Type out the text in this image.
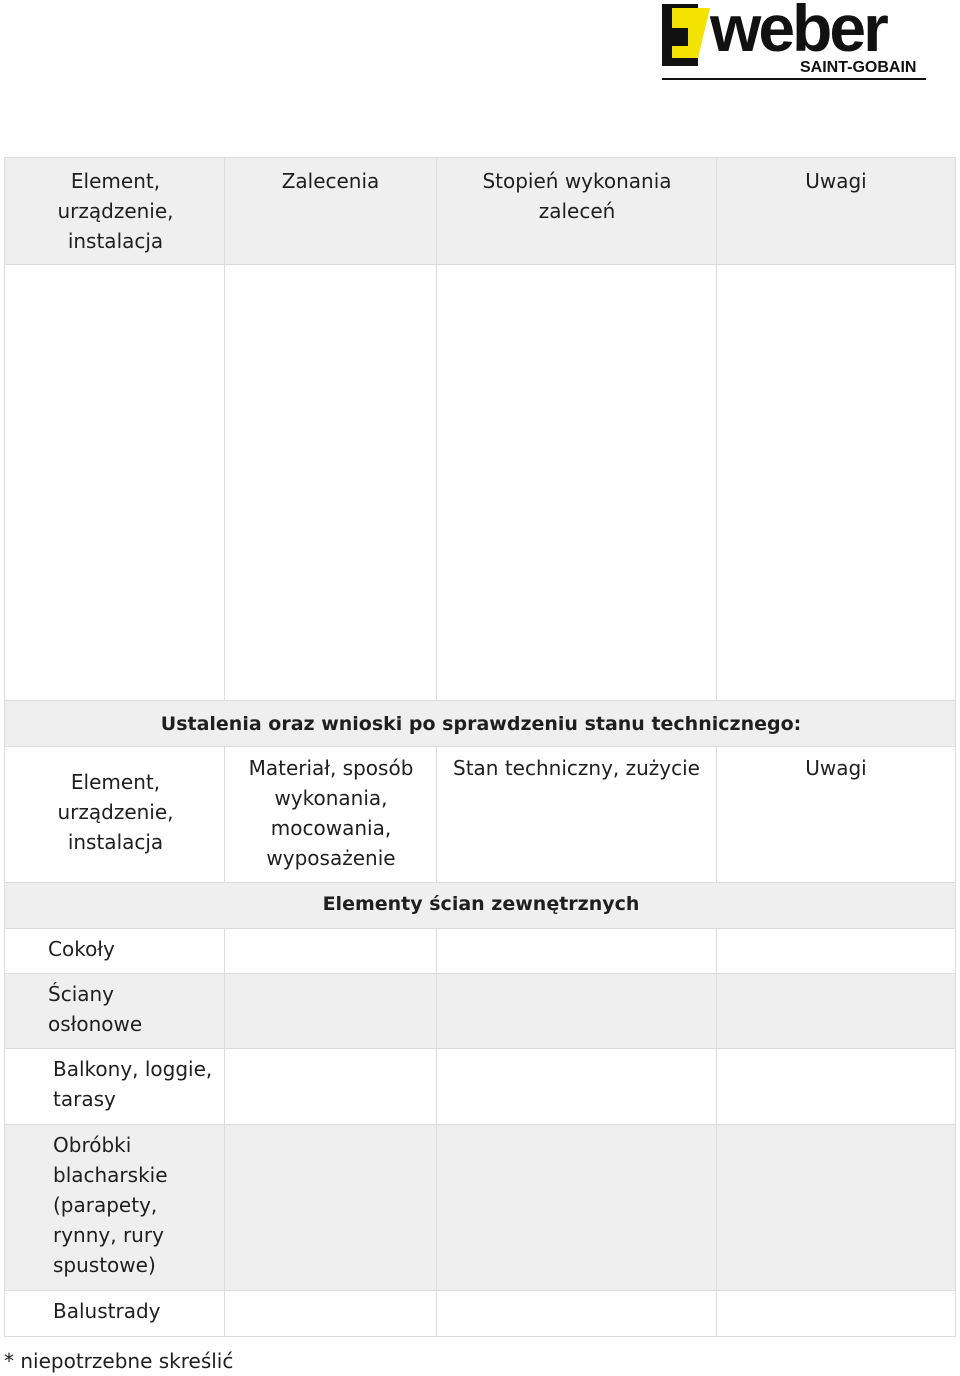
weber
SAINT-GOBAIN
Element, urządzenie, instalacja
Zalecenia	Stopień wykonania zaleceń
Uwagi
Ustalenia oraz wnioski po sprawdzeniu stanu technicznego:
Element, urządzenie, instalacja
Materiał, sposób wykonania, mocowania, wyposażenie
Stan techniczny, zużycie	Uwagi
Elementy ścian zewnętrznych
Cokoły
Ściany osłonowe
Balkony, loggie, tarasy
Obróbki blacharskie (parapety, rynny, rury spustowe)
Balustrady
* niepotrzebne skreślić
